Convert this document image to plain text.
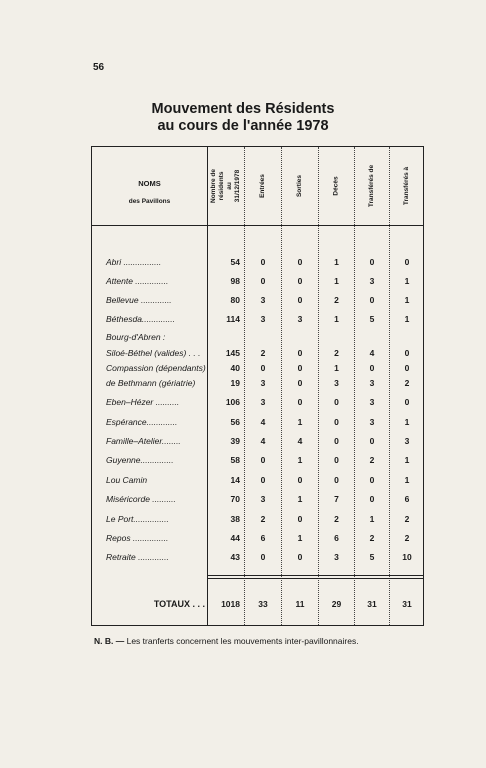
56
Mouvement des Résidents
au cours de l'année 1978
NOMS
des Pavillons	Nombre de résidents au 31/12/1978	Entrées	Sorties	Décès	Transférés de	Transférés à
Abri ................	54	0	0	1	0	0
Attente ..............	98	0	0	1	3	1
Bellevue .............	80	3	0	2	0	1
Béthesda..............	114	3	3	1	5	1
Bourg-d'Abren :
Siloé-Béthel (valides) . . .	145	2	0	2	4	0
Compassion (dépendants)	40	0	0	1	0	0
de Bethmann (gériatrie)	19	3	0	3	3	2
Eben–Hézer ..........	106	3	0	0	3	0
Espérance.............	56	4	1	0	3	1
Famille–Atelier........	39	4	4	0	0	3
Guyenne..............	58	0	1	0	2	1
Lou Camin	14	0	0	0	0	1
Miséricorde ..........	70	3	1	7	0	6
Le Port...............	38	2	0	2	1	2
Repos ...............	44	6	1	6	2	2
Retraite .............	43	0	0	3	5	10
TOTAUX . . .	1018	33	11	29	31	31
N. B. — Les tranferts concernent les mouvements inter-pavillonnaires.
